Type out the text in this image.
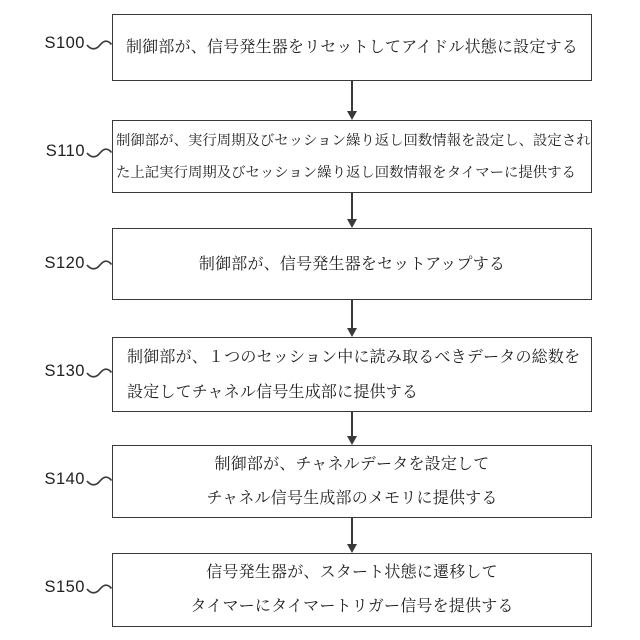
S100	制御部が、信号発生器をリセットしてアイドル状態に設定する
S110
制御部が、実行周期及びセッション繰り返し回数情報を設定し、設定され
た上記実行周期及びセッション繰り返し回数情報をタイマーに提供する
S120	制御部が、信号発生器をセットアップする
S130
制御部が、１つのセッション中に読み取るべきデータの総数を
設定してチャネル信号生成部に提供する
S140
制御部が、チャネルデータを設定して
チャネル信号生成部のメモリに提供する
S150
信号発生器が、スタート状態に遷移して
タイマーにタイマートリガー信号を提供する
